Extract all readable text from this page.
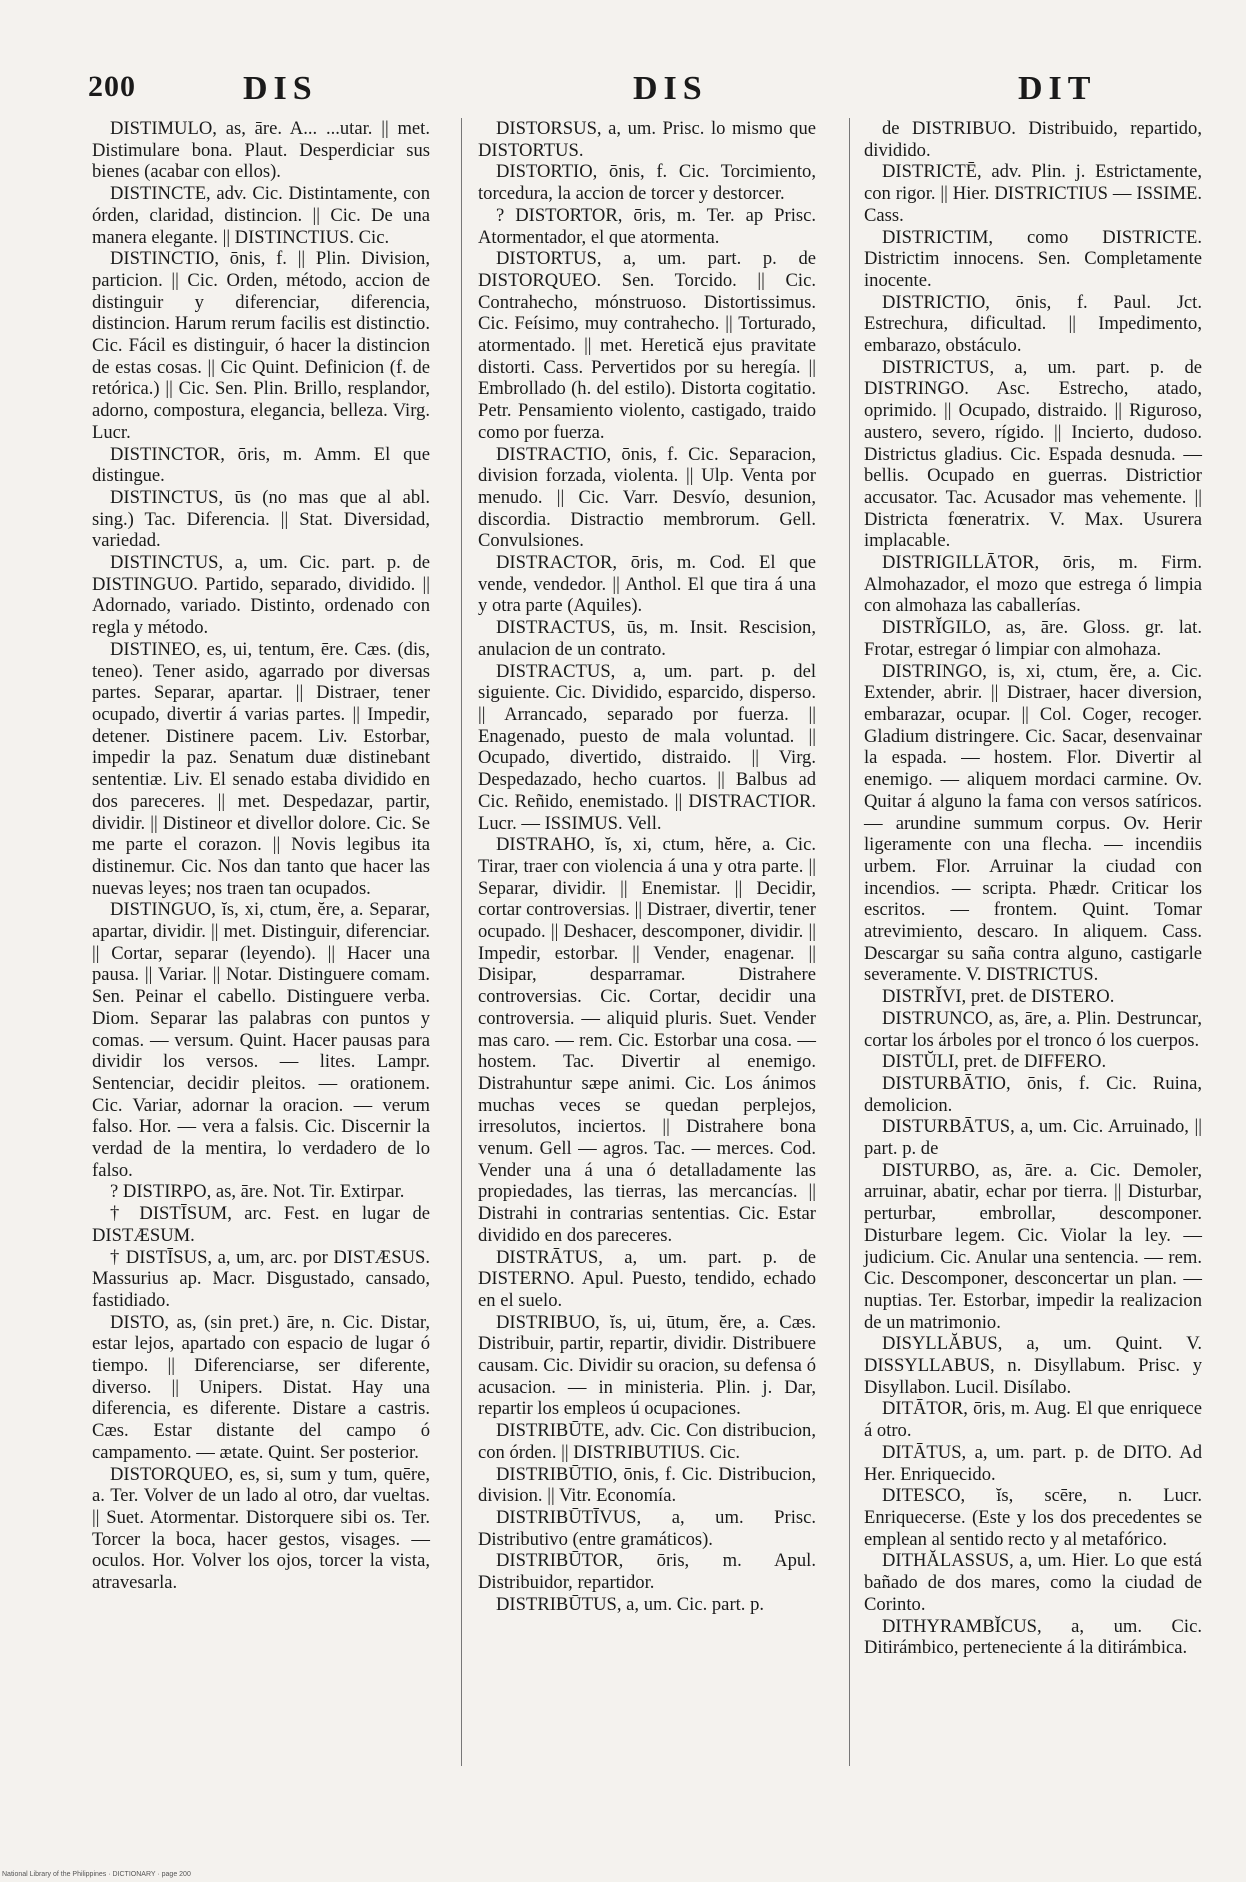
200	DIS	DIS	DIT

DISTIMULO, as, āre. A... ...utar. || met. Distimulare bona. Plaut. Desperdiciar sus bienes (acabar con ellos).

DISTINCTE, adv. Cic. Distintamente, con órden, claridad, distincion. || Cic. De una manera elegante. || DISTINCTIUS. Cic.

DISTINCTIO, ōnis, f. || Plin. Division, particion. || Cic. Orden, método, accion de distinguir y diferenciar, diferencia, distincion. Harum rerum facilis est distinctio. Cic. Fácil es distinguir, ó hacer la distincion de estas cosas. || Cic Quint. Definicion (f. de retórica.) || Cic. Sen. Plin. Brillo, resplandor, adorno, compostura, elegancia, belleza. Virg. Lucr.

DISTINCTOR, ōris, m. Amm. El que distingue.

DISTINCTUS, ūs (no mas que al abl. sing.) Tac. Diferencia. || Stat. Diversidad, variedad.

DISTINCTUS, a, um. Cic. part. p. de DISTINGUO. Partido, separado, dividido. || Adornado, variado. Distinto, ordenado con regla y método.

DISTINEO, es, ui, tentum, ēre. Cæs. (dis, teneo). Tener asido, agarrado por diversas partes. Separar, apartar. || Distraer, tener ocupado, divertir á varias partes. || Impedir, detener. Distinere pacem. Liv. Estorbar, impedir la paz. Senatum duæ distinebant sententiæ. Liv. El senado estaba dividido en dos pareceres. || met. Despedazar, partir, dividir. || Distineor et divellor dolore. Cic. Se me parte el corazon. || Novis legibus ita distinemur. Cic. Nos dan tanto que hacer las nuevas leyes; nos traen tan ocupados.

DISTINGUO, ĭs, xi, ctum, ĕre, a. Separar, apartar, dividir. || met. Distinguir, diferenciar. || Cortar, separar (leyendo). || Hacer una pausa. || Variar. || Notar. Distinguere comam. Sen. Peinar el cabello. Distinguere verba. Diom. Separar las palabras con puntos y comas. — versum. Quint. Hacer pausas para dividir los versos. — lites. Lampr. Sentenciar, decidir pleitos. — orationem. Cic. Variar, adornar la oracion. — verum falso. Hor. — vera a falsis. Cic. Discernir la verdad de la mentira, lo verdadero de lo falso.

? DISTIRPO, as, āre. Not. Tir. Extirpar.

† DISTĪSUM, arc. Fest. en lugar de DISTÆSUM.

† DISTĪSUS, a, um, arc. por DISTÆSUS. Massurius ap. Macr. Disgustado, cansado, fastidiado.

DISTO, as, (sin pret.) āre, n. Cic. Distar, estar lejos, apartado con espacio de lugar ó tiempo. || Diferenciarse, ser diferente, diverso. || Unipers. Distat. Hay una diferencia, es diferente. Distare a castris. Cæs. Estar distante del campo ó campamento. — ætate. Quint. Ser posterior.

DISTORQUEO, es, si, sum y tum, quēre, a. Ter. Volver de un lado al otro, dar vueltas. || Suet. Atormentar. Distorquere sibi os. Ter. Torcer la boca, hacer gestos, visages. — oculos. Hor. Volver los ojos, torcer la vista, atravesarla.

DISTORSUS, a, um. Prisc. lo mismo que DISTORTUS.

DISTORTIO, ōnis, f. Cic. Torcimiento, torcedura, la accion de torcer y destorcer.

? DISTORTOR, ōris, m. Ter. ap Prisc. Atormentador, el que atormenta.

DISTORTUS, a, um. part. p. de DISTORQUEO. Sen. Torcido. || Cic. Contrahecho, mónstruoso. Distortissimus. Cic. Feísimo, muy contrahecho. || Torturado, atormentado. || met. Heretică ejus pravitate distorti. Cass. Pervertidos por su heregía. || Embrollado (h. del estilo). Distorta cogitatio. Petr. Pensamiento violento, castigado, traido como por fuerza.

DISTRACTIO, ōnis, f. Cic. Separacion, division forzada, violenta. || Ulp. Venta por menudo. || Cic. Varr. Desvío, desunion, discordia. Distractio membrorum. Gell. Convulsiones.

DISTRACTOR, ōris, m. Cod. El que vende, vendedor. || Anthol. El que tira á una y otra parte (Aquiles).

DISTRACTUS, ūs, m. Insit. Rescision, anulacion de un contrato.

DISTRACTUS, a, um. part. p. del siguiente. Cic. Dividido, esparcido, disperso. || Arrancado, separado por fuerza. || Enagenado, puesto de mala voluntad. || Ocupado, divertido, distraido. || Virg. Despedazado, hecho cuartos. || Balbus ad Cic. Reñido, enemistado. || DISTRACTIOR. Lucr. — ISSIMUS. Vell.

DISTRAHO, ĭs, xi, ctum, hĕre, a. Cic. Tirar, traer con violencia á una y otra parte. || Separar, dividir. || Enemistar. || Decidir, cortar controversias. || Distraer, divertir, tener ocupado. || Deshacer, descomponer, dividir. || Impedir, estorbar. || Vender, enagenar. || Disipar, desparramar. Distrahere controversias. Cic. Cortar, decidir una controversia. — aliquid pluris. Suet. Vender mas caro. — rem. Cic. Estorbar una cosa. — hostem. Tac. Divertir al enemigo. Distrahuntur sæpe animi. Cic. Los ánimos muchas veces se quedan perplejos, irresolutos, inciertos. || Distrahere bona venum. Gell — agros. Tac. — merces. Cod. Vender una á una ó detalladamente las propiedades, las tierras, las mercancías. || Distrahi in contrarias sententias. Cic. Estar dividido en dos pareceres.

DISTRĀTUS, a, um. part. p. de DISTERNO. Apul. Puesto, tendido, echado en el suelo.

DISTRIBUO, ĭs, ui, ūtum, ĕre, a. Cæs. Distribuir, partir, repartir, dividir. Distribuere causam. Cic. Dividir su oracion, su defensa ó acusacion. — in ministeria. Plin. j. Dar, repartir los empleos ú ocupaciones.

DISTRIBŪTE, adv. Cic. Con distribucion, con órden. || DISTRIBUTIUS. Cic.

DISTRIBŪTIO, ōnis, f. Cic. Distribucion, division. || Vitr. Economía.

DISTRIBŪTĪVUS, a, um. Prisc. Distributivo (entre gramáticos).

DISTRIBŪTOR, ōris, m. Apul. Distribuidor, repartidor.

DISTRIBŪTUS, a, um. Cic. part. p.

de DISTRIBUO. Distribuido, repartido, dividido.

DISTRICTĒ, adv. Plin. j. Estrictamente, con rigor. || Hier. DISTRICTIUS — ISSIME. Cass.

DISTRICTIM, como DISTRICTE. Districtim innocens. Sen. Completamente inocente.

DISTRICTIO, ōnis, f. Paul. Jct. Estrechura, dificultad. || Impedimento, embarazo, obstáculo.

DISTRICTUS, a, um. part. p. de DISTRINGO. Asc. Estrecho, atado, oprimido. || Ocupado, distraido. || Riguroso, austero, severo, rígido. || Incierto, dudoso. Districtus gladius. Cic. Espada desnuda. — bellis. Ocupado en guerras. Districtior accusator. Tac. Acusador mas vehemente. || Districta fœneratrix. V. Max. Usurera implacable.

DISTRIGILLĀTOR, ōris, m. Firm. Almohazador, el mozo que estrega ó limpia con almohaza las caballerías.

DISTRĬGILO, as, āre. Gloss. gr. lat. Frotar, estregar ó limpiar con almohaza.

DISTRINGO, is, xi, ctum, ĕre, a. Cic. Extender, abrir. || Distraer, hacer diversion, embarazar, ocupar. || Col. Coger, recoger. Gladium distringere. Cic. Sacar, desenvainar la espada. — hostem. Flor. Divertir al enemigo. — aliquem mordaci carmine. Ov. Quitar á alguno la fama con versos satíricos. — arundine summum corpus. Ov. Herir ligeramente con una flecha. — incendiis urbem. Flor. Arruinar la ciudad con incendios. — scripta. Phædr. Criticar los escritos. — frontem. Quint. Tomar atrevimiento, descaro. In aliquem. Cass. Descargar su saña contra alguno, castigarle severamente. V. DISTRICTUS.

DISTRĬVI, pret. de DISTERO.

DISTRUNCO, as, āre, a. Plin. Destruncar, cortar los árboles por el tronco ó los cuerpos.

DISTŬLI, pret. de DIFFERO.

DISTURBĀTIO, ōnis, f. Cic. Ruina, demolicion.

DISTURBĀTUS, a, um. Cic. Arruinado, || part. p. de

DISTURBO, as, āre. a. Cic. Demoler, arruinar, abatir, echar por tierra. || Disturbar, perturbar, embrollar, descomponer. Disturbare legem. Cic. Violar la ley. — judicium. Cic. Anular una sentencia. — rem. Cic. Descomponer, desconcertar un plan. — nuptias. Ter. Estorbar, impedir la realizacion de un matrimonio.

DISYLLĂBUS, a, um. Quint. V. DISSYLLABUS, n. Disyllabum. Prisc. y Disyllabon. Lucil. Disílabo.

DITĀTOR, ōris, m. Aug. El que enriquece á otro.

DITĀTUS, a, um. part. p. de DITO. Ad Her. Enriquecido.

DITESCO, ĭs, scēre, n. Lucr. Enriquecerse. (Este y los dos precedentes se emplean al sentido recto y al metafórico.

DITHĂLASSUS, a, um. Hier. Lo que está bañado de dos mares, como la ciudad de Corinto.

DITHYRAMBĬCUS, a, um. Cic. Ditirámbico, perteneciente á la ditirámbica.

National Library of the Philippines · DICTIONARY · page 200
